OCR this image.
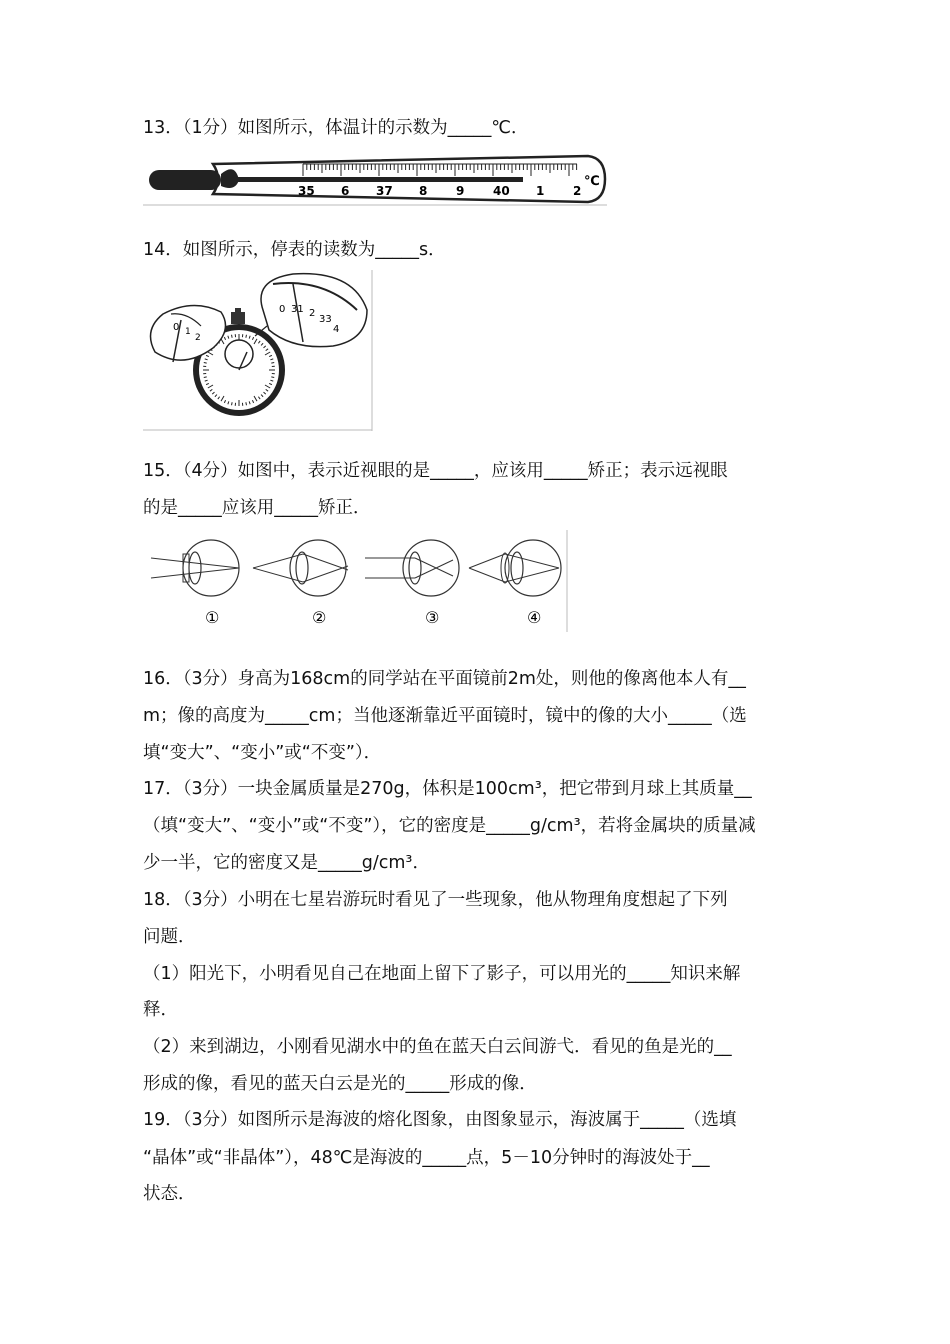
13．（1分）如图所示，体温计的示数为_____℃．
35 6 37 8 9 40 1 2
℃
14．如图所示，停表的读数为_____s．
0 1
2
0 31 2
33
4
15．（4分）如图中，表示近视眼的是_____，应该用_____矫正；表示远视眼
的是_____应该用_____矫正．
①	②	③	④
16．（3分）身高为168cm的同学站在平面镜前2m处，则他的像离他本人有__
m；像的高度为_____cm；当他逐渐靠近平面镜时，镜中的像的大小_____（选
填“变大”、“变小”或“不变”）．
17．（3分）一块金属质量是270g，体积是100cm³，把它带到月球上其质量__
（填“变大”、“变小”或“不变”），它的密度是_____g/cm³，若将金属块的质量减
少一半，它的密度又是_____g/cm³．
18．（3分）小明在七星岩游玩时看见了一些现象，他从物理角度想起了下列
问题．
（1）阳光下，小明看见自己在地面上留下了影子，可以用光的_____知识来解
释．
（2）来到湖边，小刚看见湖水中的鱼在蓝天白云间游弋．看见的鱼是光的__
形成的像，看见的蓝天白云是光的_____形成的像．
19．（3分）如图所示是海波的熔化图象，由图象显示，海波属于_____（选填
“晶体”或“非晶体”），48℃是海波的_____点，5－10分钟时的海波处于__
状态．
